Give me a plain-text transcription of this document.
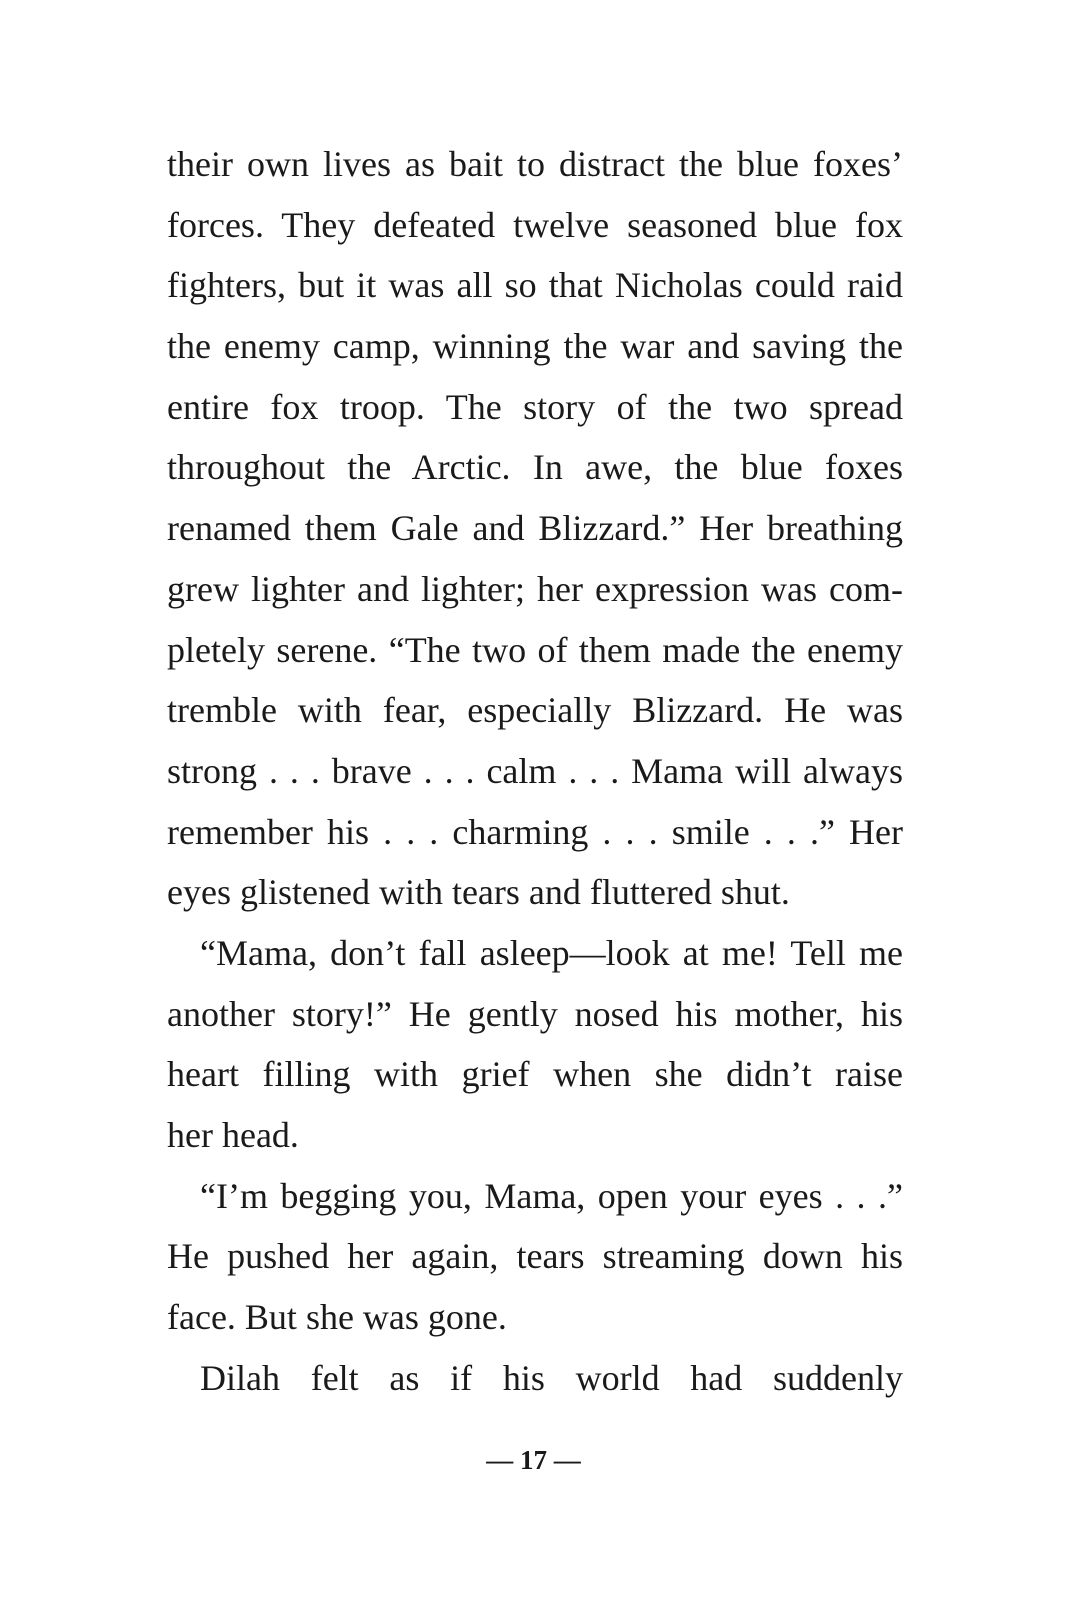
their own lives as bait to distract the blue foxes’
forces. They defeated twelve seasoned blue fox
fighters, but it was all so that Nicholas could raid
the enemy camp, winning the war and saving the
entire fox troop. The story of the two spread
throughout the Arctic. In awe, the blue foxes
renamed them Gale and Blizzard.” Her breathing
grew lighter and lighter; her expression was com-
pletely serene. “The two of them made the enemy
tremble with fear, especially Blizzard. He was
strong . . . brave . . . calm . . . Mama will always
remember his . . . charming . . . smile . . .” Her
eyes glistened with tears and fluttered shut.
“Mama, don’t fall asleep—look at me! Tell me
another story!” He gently nosed his mother, his
heart filling with grief when she didn’t raise
her head.
“I’m begging you, Mama, open your eyes . . .”
He pushed her again, tears streaming down his
face. But she was gone.
Dilah felt as if his world had suddenly
— 17 —
